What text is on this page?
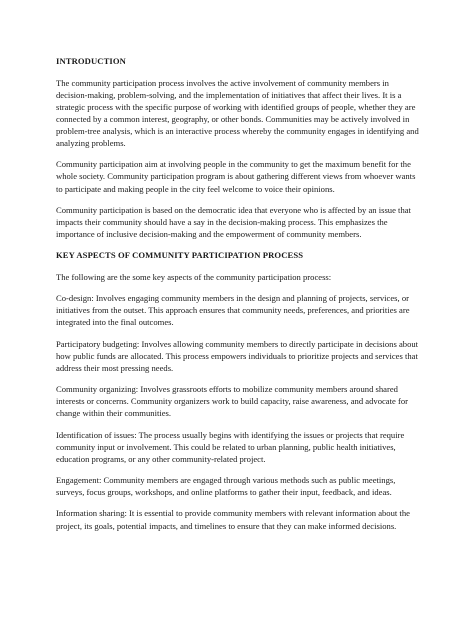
INTRODUCTION

The community participation process involves the active involvement of community members in decision-making, problem-solving, and the implementation of initiatives that affect their lives. It is a strategic process with the specific purpose of working with identified groups of people, whether they are connected by a common interest, geography, or other bonds. Communities may be actively involved in problem-tree analysis, which is an interactive process whereby the community engages in identifying and analyzing problems.

Community participation aim at involving people in the community to get the maximum benefit for the whole society. Community participation program is about gathering different views from whoever wants to participate and making people in the city feel welcome to voice their opinions.

Community participation is based on the democratic idea that everyone who is affected by an issue that impacts their community should have a say in the decision-making process. This emphasizes the importance of inclusive decision-making and the empowerment of community members.

KEY ASPECTS OF COMMUNITY PARTICIPATION PROCESS

The following are the some key aspects of the community participation process:

Co-design: Involves engaging community members in the design and planning of projects, services, or initiatives from the outset. This approach ensures that community needs, preferences, and priorities are integrated into the final outcomes.

Participatory budgeting: Involves allowing community members to directly participate in decisions about how public funds are allocated. This process empowers individuals to prioritize projects and services that address their most pressing needs.

Community organizing: Involves grassroots efforts to mobilize community members around shared interests or concerns. Community organizers work to build capacity, raise awareness, and advocate for change within their communities.

Identification of issues: The process usually begins with identifying the issues or projects that require community input or involvement. This could be related to urban planning, public health initiatives, education programs, or any other community-related project.

Engagement: Community members are engaged through various methods such as public meetings, surveys, focus groups, workshops, and online platforms to gather their input, feedback, and ideas.

Information sharing: It is essential to provide community members with relevant information about the project, its goals, potential impacts, and timelines to ensure that they can make informed decisions.
